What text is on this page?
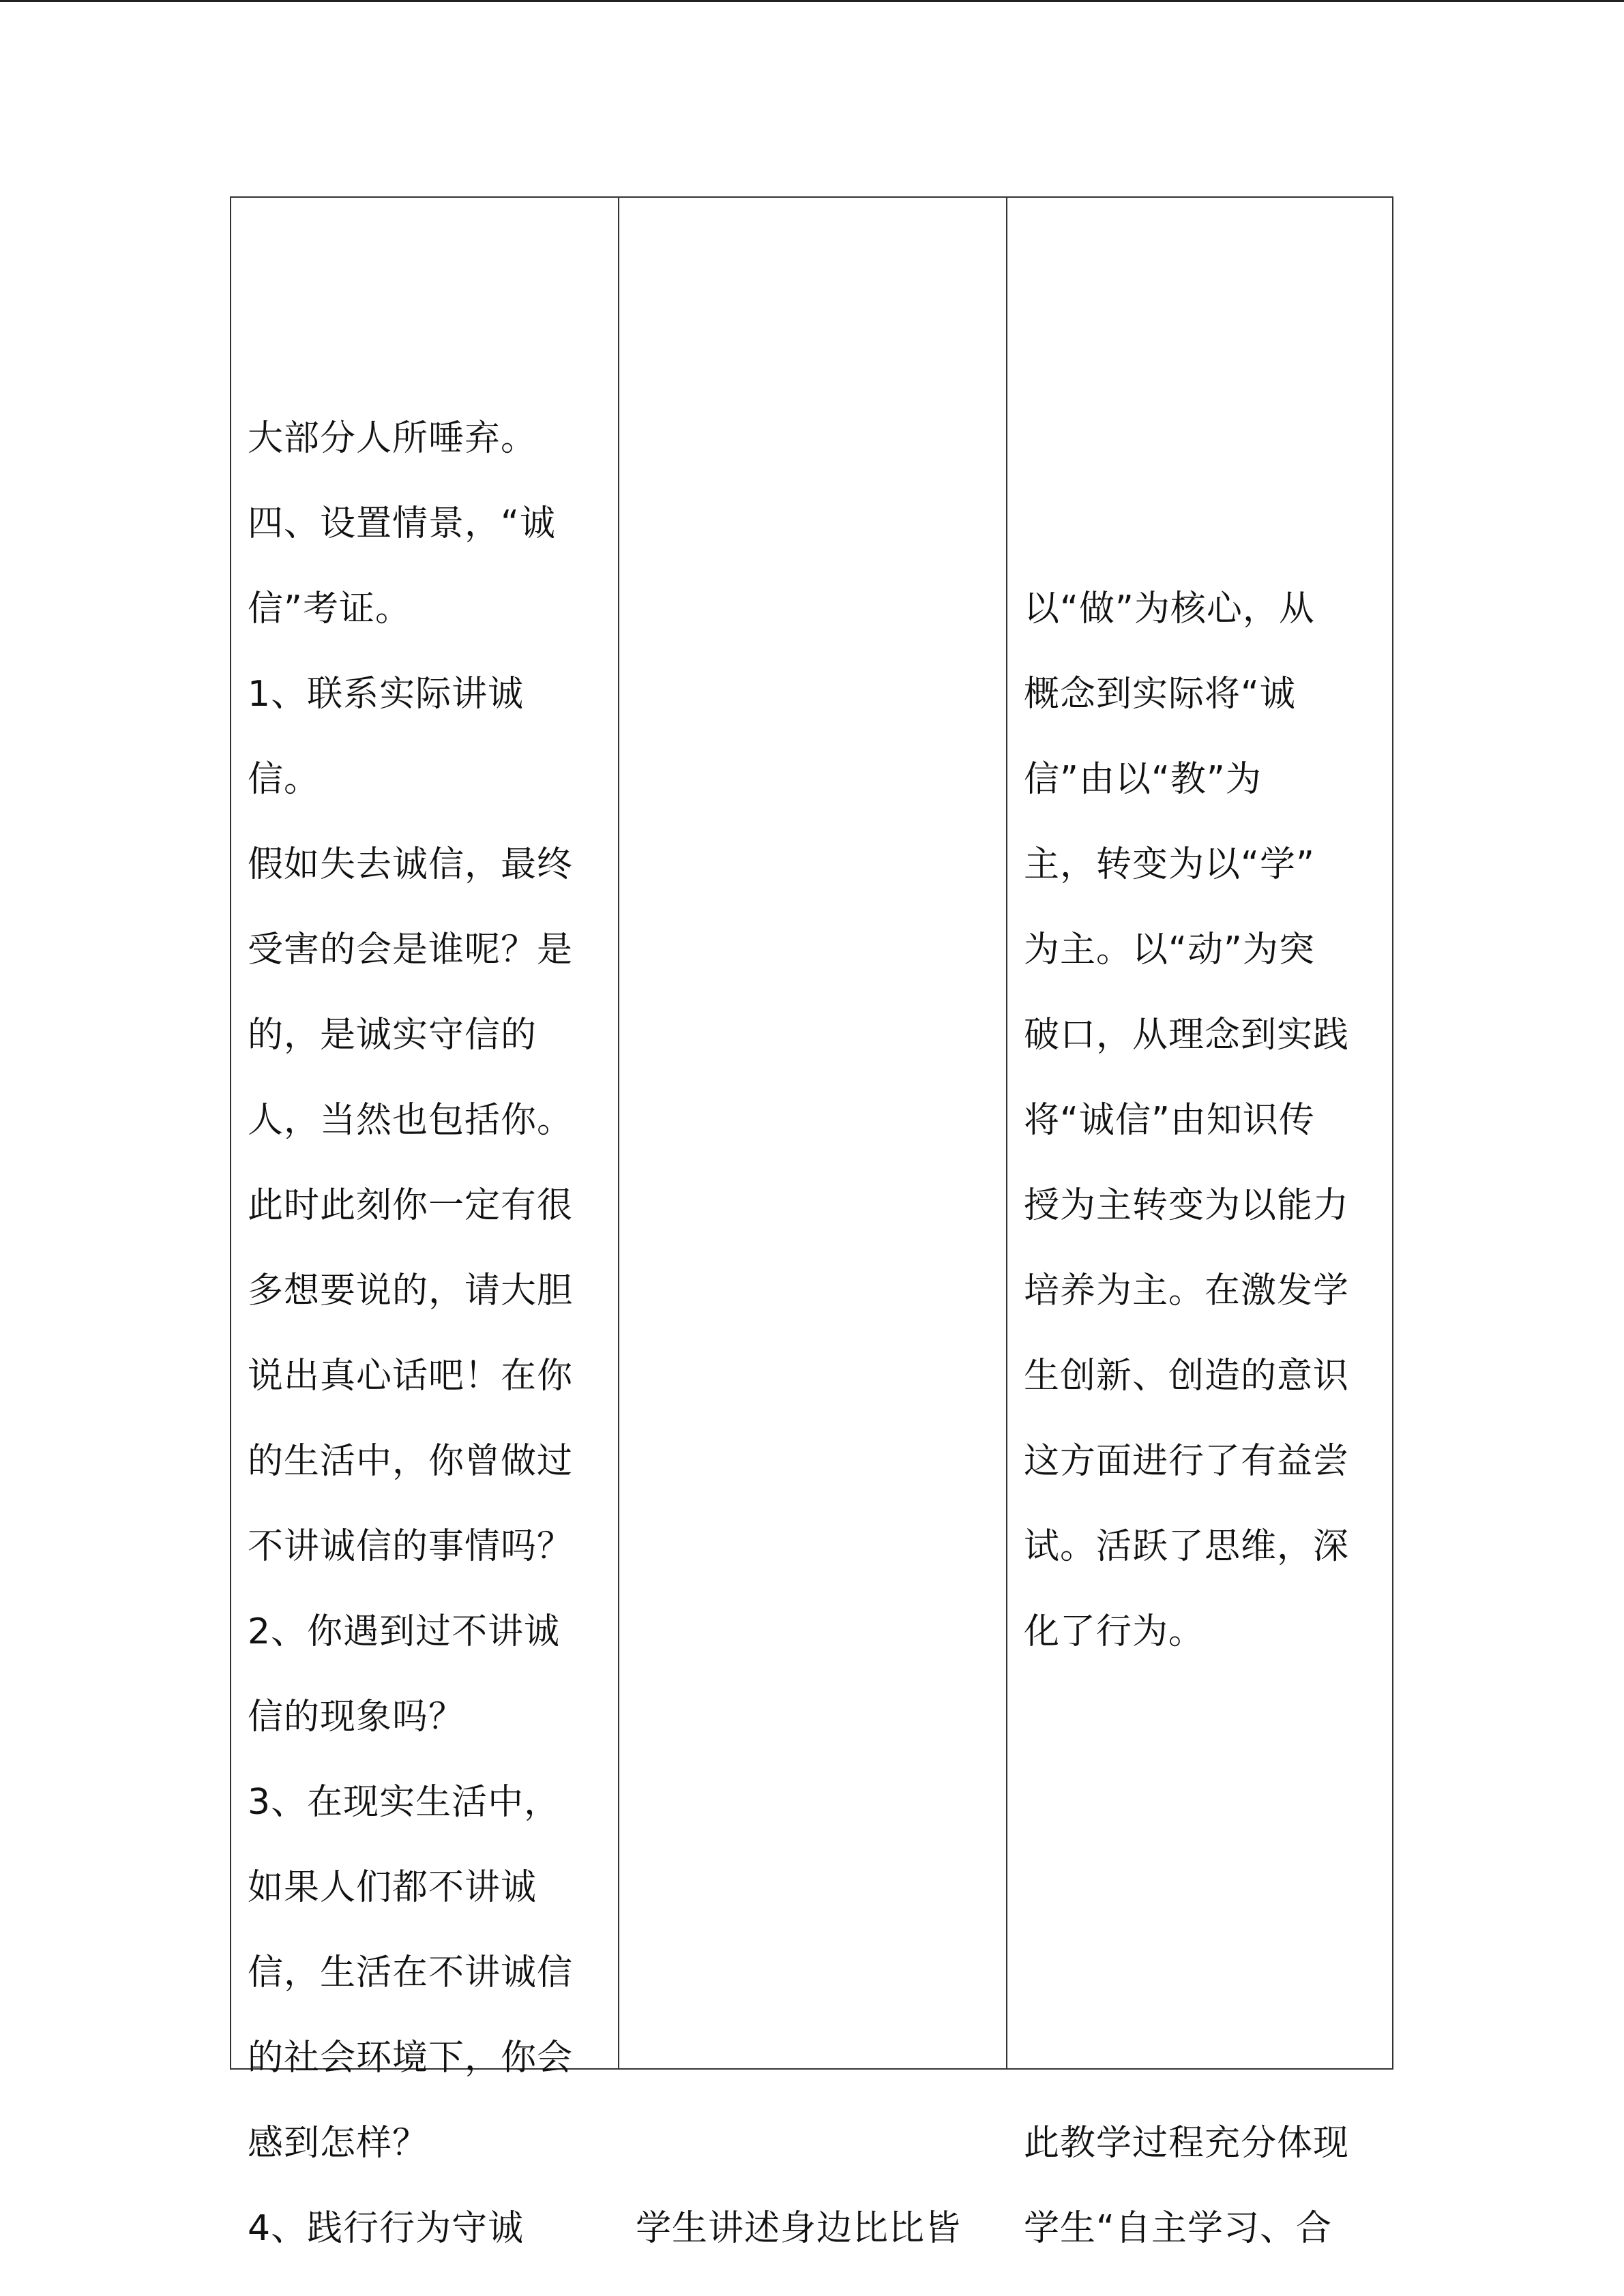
大部分人所唾弃。
四、设置情景，“诚
信”考证。
1、联系实际讲诚
信。
假如失去诚信，最终
受害的会是谁呢？是
的，是诚实守信的
人，当然也包括你。
此时此刻你一定有很
多想要说的，请大胆
说出真心话吧！在你
的生活中，你曾做过
不讲诚信的事情吗？
2、你遇到过不讲诚
信的现象吗？
3、在现实生活中，
如果人们都不讲诚
信，生活在不讲诚信
的社会环境下，你会
感到怎样？
4、践行行为守诚	学生讲述身边比比皆
以“做”为核心，从
概念到实际将“诚
信”由以“教”为
主，转变为以“学”
为主。以“动”为突
破口，从理念到实践
将“诚信”由知识传
授为主转变为以能力
培养为主。在激发学
生创新、创造的意识
这方面进行了有益尝
试。活跃了思维，深
化了行为。
此教学过程充分体现
学生“自主学习、合
